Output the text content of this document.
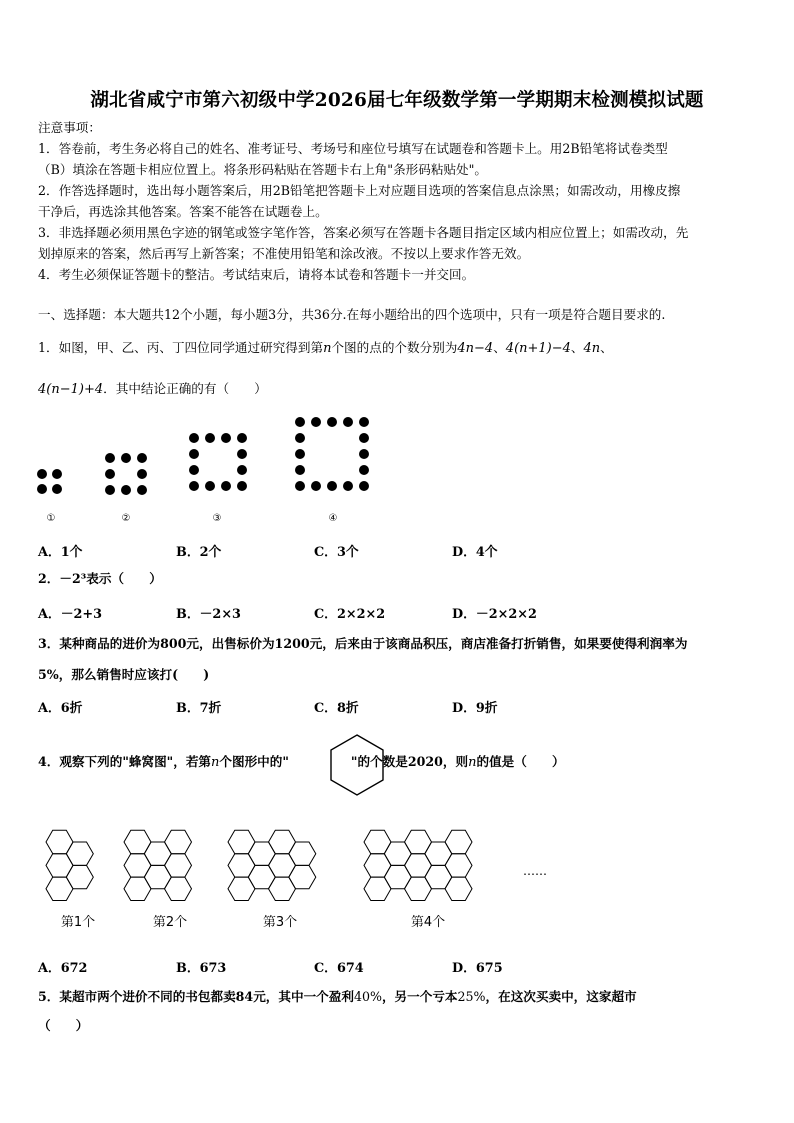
湖北省咸宁市第六初级中学2026届七年级数学第一学期期末检测模拟试题
注意事项：
1．答卷前，考生务必将自己的姓名、准考证号、考场号和座位号填写在试题卷和答题卡上。用2B铅笔将试卷类型
（B）填涂在答题卡相应位置上。将条形码粘贴在答题卡右上角"条形码粘贴处"。
2．作答选择题时，选出每小题答案后，用2B铅笔把答题卡上对应题目选项的答案信息点涂黑；如需改动，用橡皮擦
干净后，再选涂其他答案。答案不能答在试题卷上。
3．非选择题必须用黑色字迹的钢笔或签字笔作答，答案必须写在答题卡各题目指定区域内相应位置上；如需改动，先
划掉原来的答案，然后再写上新答案；不准使用铅笔和涂改液。不按以上要求作答无效。
4．考生必须保证答题卡的整洁。考试结束后，请将本试卷和答题卡一并交回。
一、选择题：本大题共12个小题，每小题3分，共36分.在每小题给出的四个选项中，只有一项是符合题目要求的.
1．如图，甲、乙、丙、丁四位同学通过研究得到第n个图的点的个数分别为4n−4、4(n+1)−4、4n、
4(n−1)+4．其中结论正确的有（　　）
①	②	③	④
A．1个	B．2个	C．3个	D．4个
2．－2³表示（　　）
A．－2+3	B．－2×3	C．2×2×2	D．－2×2×2
3．某种商品的进价为800元，出售标价为1200元，后来由于该商品积压，商店准备打折销售，如果要使得利润率为
5%，那么销售时应该打(　　)
A．6折	B．7折	C．8折	D．9折
4．观察下列的"蜂窝图"，若第n个图形中的"	"的个数是2020，则n的值是（　　）
第1个	第2个	第3个	第4个
……
A．672	B．673	C．674	D．675
5．某超市两个进价不同的书包都卖84元，其中一个盈利40%，另一个亏本25%，在这次买卖中，这家超市
（　　）
